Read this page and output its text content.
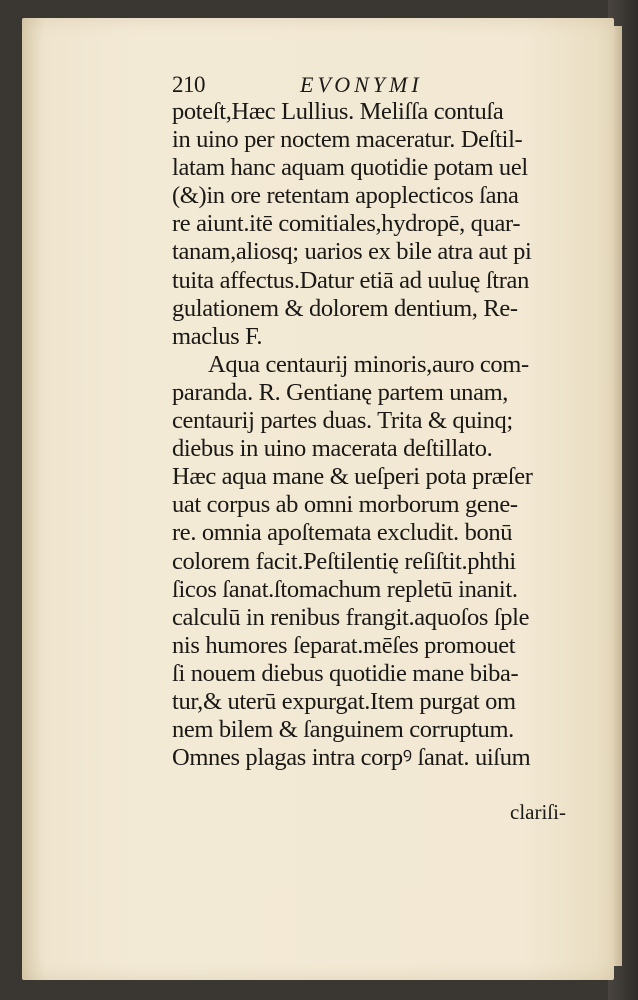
210	EVONYMI
poteſt,Hæc Lullius. Meliſſa contuſa
in uino per noctem maceratur. Deſtil-
latam hanc aquam quotidie potam uel
(&)in ore retentam apoplecticos ſana
re aiunt.itē comitiales,hydropē, quar-
tanam,aliosq; uarios ex bile atra aut pi
tuita affectus.Datur etiā ad uuluę ſtran
gulationem & dolorem dentium, Re-
maclus F.
Aqua centaurij minoris,auro com-
paranda. R. Gentianę partem unam,
centaurij partes duas. Trita & quinq;
diebus in uino macerata deſtillato.
Hæc aqua mane & ueſperi pota præſer
uat corpus ab omni morborum gene-
re. omnia apoſtemata excludit. bonū
colorem facit.Peſtilentię reſiſtit.phthi
ſicos ſanat.ſtomachum repletū inanit.
calculū in renibus frangit.aquoſos ſple
nis humores ſeparat.mēſes promouet
ſi nouem diebus quotidie mane biba-
tur,& uterū expurgat.Item purgat om
nem bilem & ſanguinem corruptum.
Omnes plagas intra corpꝰ ſanat. uiſum
clariſi-
